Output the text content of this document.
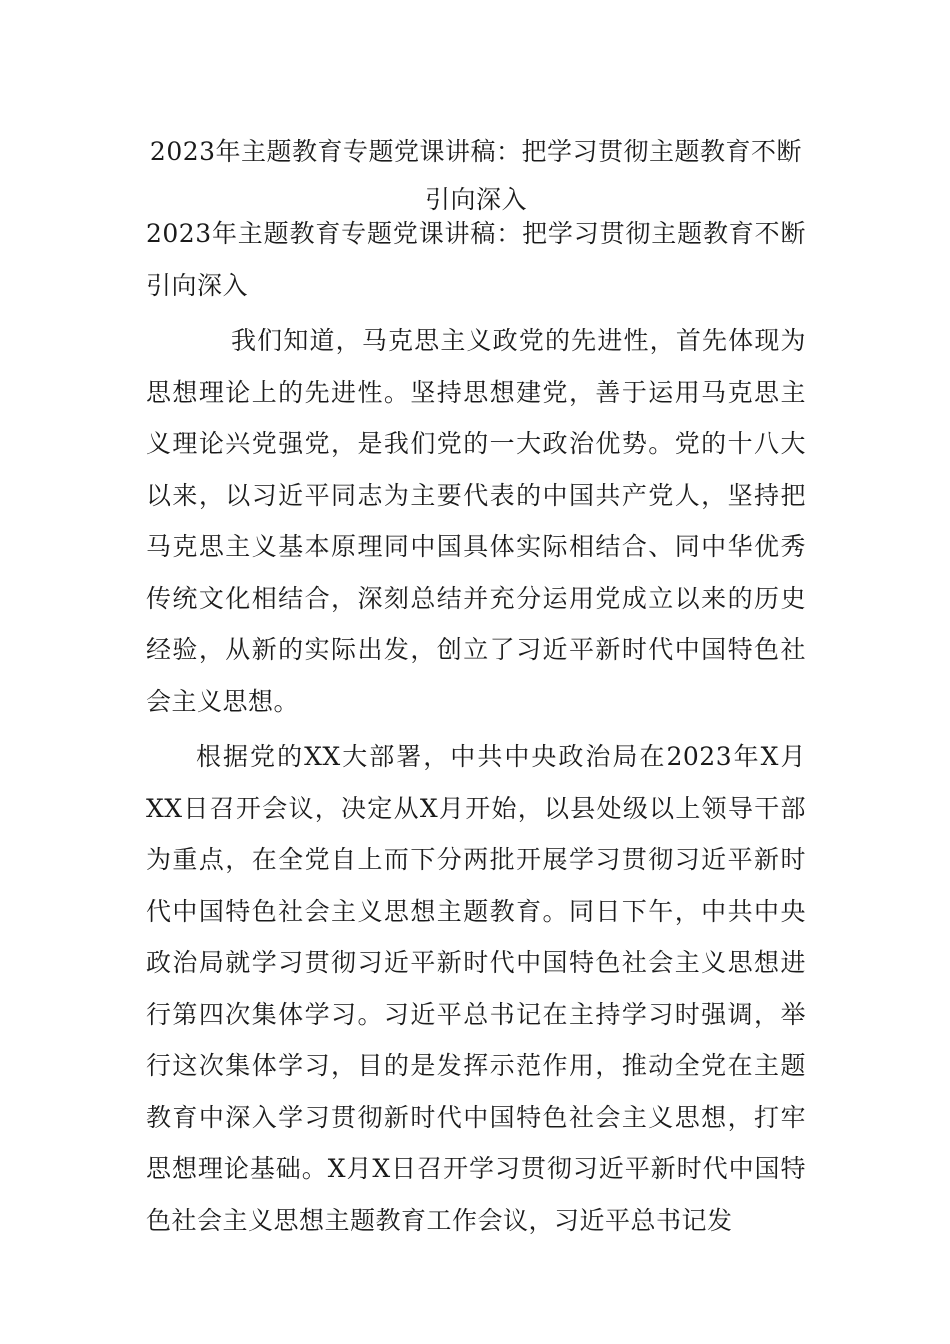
2023年主题教育专题党课讲稿：把学习贯彻主题教育不断引向深入

2023年主题教育专题党课讲稿：把学习贯彻主题教育不断引向深入

我们知道，马克思主义政党的先进性，首先体现为思想理论上的先进性。坚持思想建党，善于运用马克思主义理论兴党强党，是我们党的一大政治优势。党的十八大以来，以习近平同志为主要代表的中国共产党人，坚持把马克思主义基本原理同中国具体实际相结合、同中华优秀传统文化相结合，深刻总结并充分运用党成立以来的历史经验，从新的实际出发，创立了习近平新时代中国特色社会主义思想。

根据党的XX大部署，中共中央政治局在2023年X月XX日召开会议，决定从X月开始，以县处级以上领导干部为重点，在全党自上而下分两批开展学习贯彻习近平新时代中国特色社会主义思想主题教育。同日下午，中共中央政治局就学习贯彻习近平新时代中国特色社会主义思想进行第四次集体学习。习近平总书记在主持学习时强调，举行这次集体学习，目的是发挥示范作用，推动全党在主题教育中深入学习贯彻新时代中国特色社会主义思想，打牢思想理论基础。X月X日召开学习贯彻习近平新时代中国特色社会主义思想主题教育工作会议，习近平总书记发
